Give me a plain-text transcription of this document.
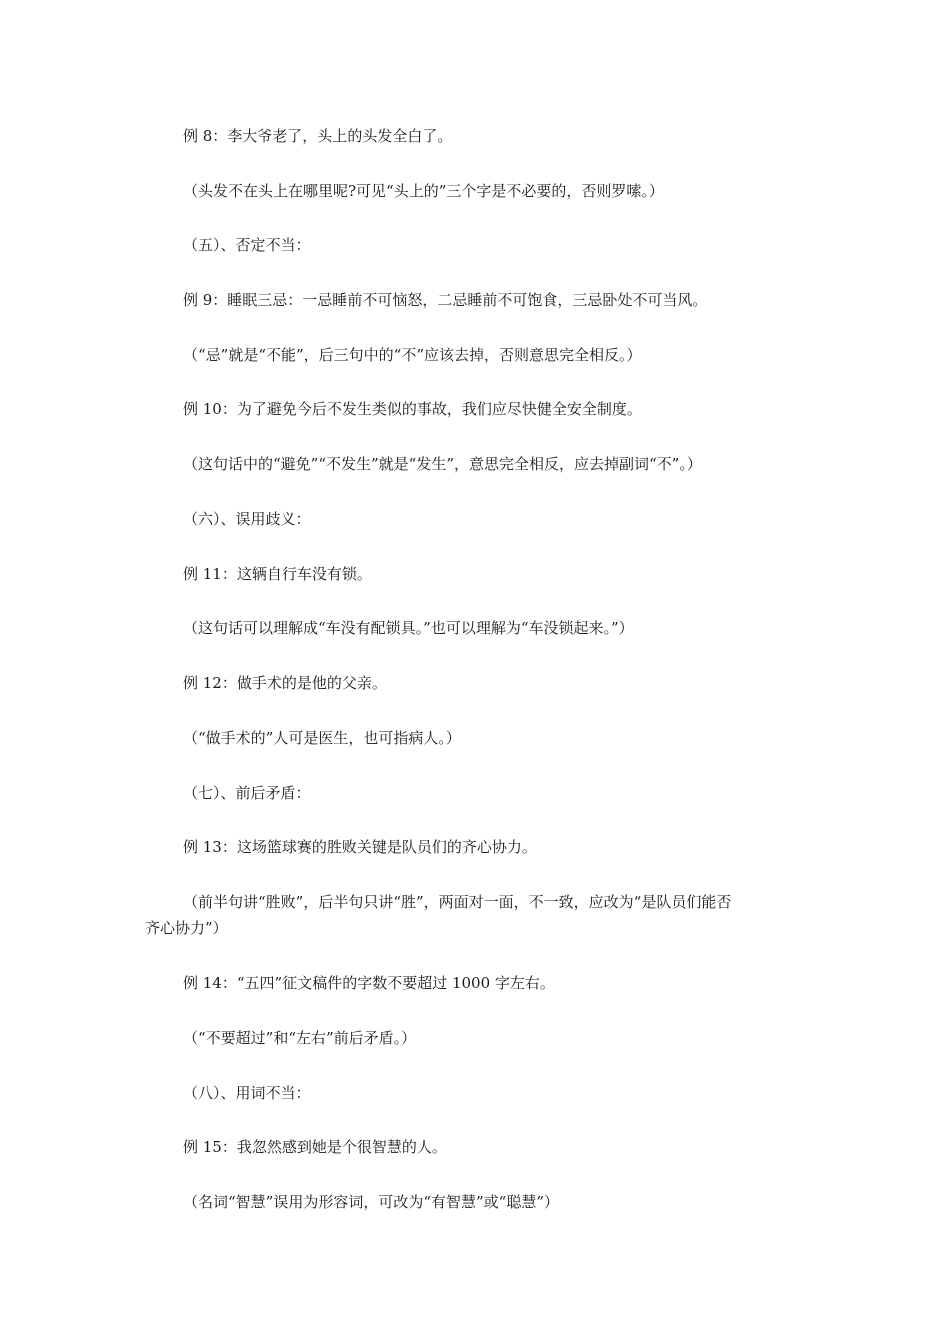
例 8：李大爷老了，头上的头发全白了。
（头发不在头上在哪里呢?可见“头上的”三个字是不必要的，否则罗嗦。）
（五）、否定不当：
例 9：睡眠三忌：一忌睡前不可恼怒，二忌睡前不可饱食，三忌卧处不可当风。
（“忌”就是“不能”，后三句中的“不”应该去掉，否则意思完全相反。）
例 10：为了避免今后不发生类似的事故，我们应尽快健全安全制度。
（这句话中的“避免”“不发生”就是“发生”，意思完全相反，应去掉副词“不”。）
（六）、误用歧义：
例 11：这辆自行车没有锁。
（这句话可以理解成“车没有配锁具。”也可以理解为“车没锁起来。”）
例 12：做手术的是他的父亲。
（“做手术的”人可是医生，也可指病人。）
（七）、前后矛盾：
例 13：这场篮球赛的胜败关键是队员们的齐心协力。
（前半句讲“胜败”，后半句只讲“胜”，两面对一面，不一致，应改为“是队员们能否
齐心协力”）
例 14：“五四”征文稿件的字数不要超过 1000 字左右。
（“不要超过”和“左右”前后矛盾。）
（八）、用词不当：
例 15：我忽然感到她是个很智慧的人。
（名词“智慧”误用为形容词，可改为“有智慧”或“聪慧”）
